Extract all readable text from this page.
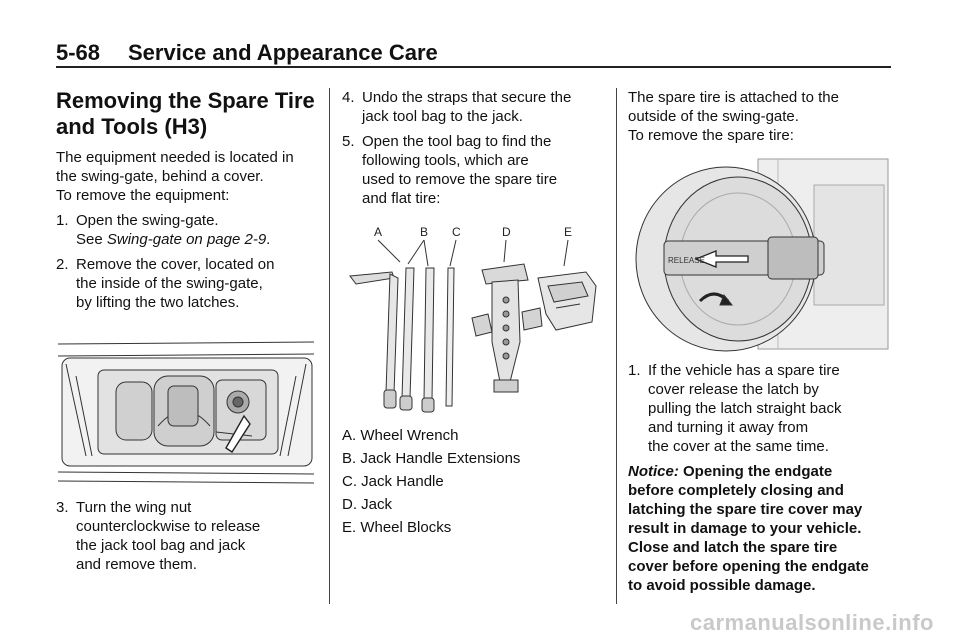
5-68 Service and Appearance Care
Removing the Spare Tire
and Tools (H3)

The equipment needed is located in
the swing-gate, behind a cover.
To remove the equipment:

1. Open the swing-gate.
See Swing-gate on page 2-9.
2. Remove the cover, located on
the inside of the swing-gate,
by lifting the two latches.
3. Turn the wing nut
counterclockwise to release
the jack tool bag and jack
and remove them.
4. Undo the straps that secure the
jack tool bag to the jack.
5. Open the tool bag to find the
following tools, which are
used to remove the spare tire
and flat tire:
A	B C	D	E

A. Wheel Wrench

B. Jack Handle Extensions

C. Jack Handle

D. Jack

E. Wheel Blocks

The spare tire is attached to the
outside of the swing-gate.
To remove the spare tire:

RELEASE
1. If the vehicle has a spare tire
cover release the latch by
pulling the latch straight back
and turning it away from
the cover at the same time.

Notice: Opening the endgate
before completely closing and
latching the spare tire cover may
result in damage to your vehicle.
Close and latch the spare tire
cover before opening the endgate
to avoid possible damage.

carmanualsonline.info
